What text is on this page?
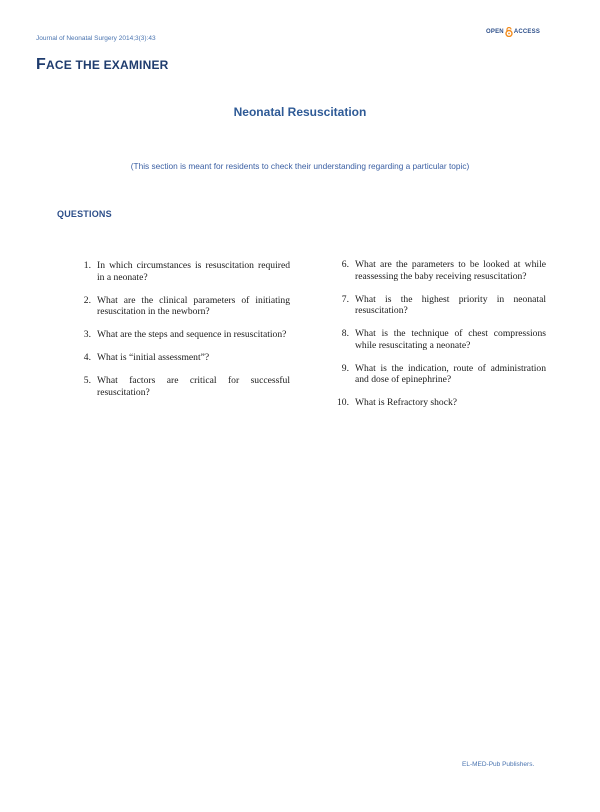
Journal of Neonatal Surgery 2014;3(3):43
OPEN ACCESS
FACE THE EXAMINER
Neonatal Resuscitation
(This section is meant for residents to check their understanding regarding a particular topic)
QUESTIONS
1. In which circumstances is resuscitation required in a neonate?
2. What are the clinical parameters of initiating resuscitation in the newborn?
3. What are the steps and sequence in resuscitation?
4. What is “initial assessment”?
5. What factors are critical for successful resuscitation?
6. What are the parameters to be looked at while reassessing the baby receiving resuscitation?
7. What is the highest priority in neonatal resuscitation?
8. What is the technique of chest compressions while resuscitating a neonate?
9. What is the indication, route of administration and dose of epinephrine?
10. What is Refractory shock?
EL-MED-Pub Publishers.
